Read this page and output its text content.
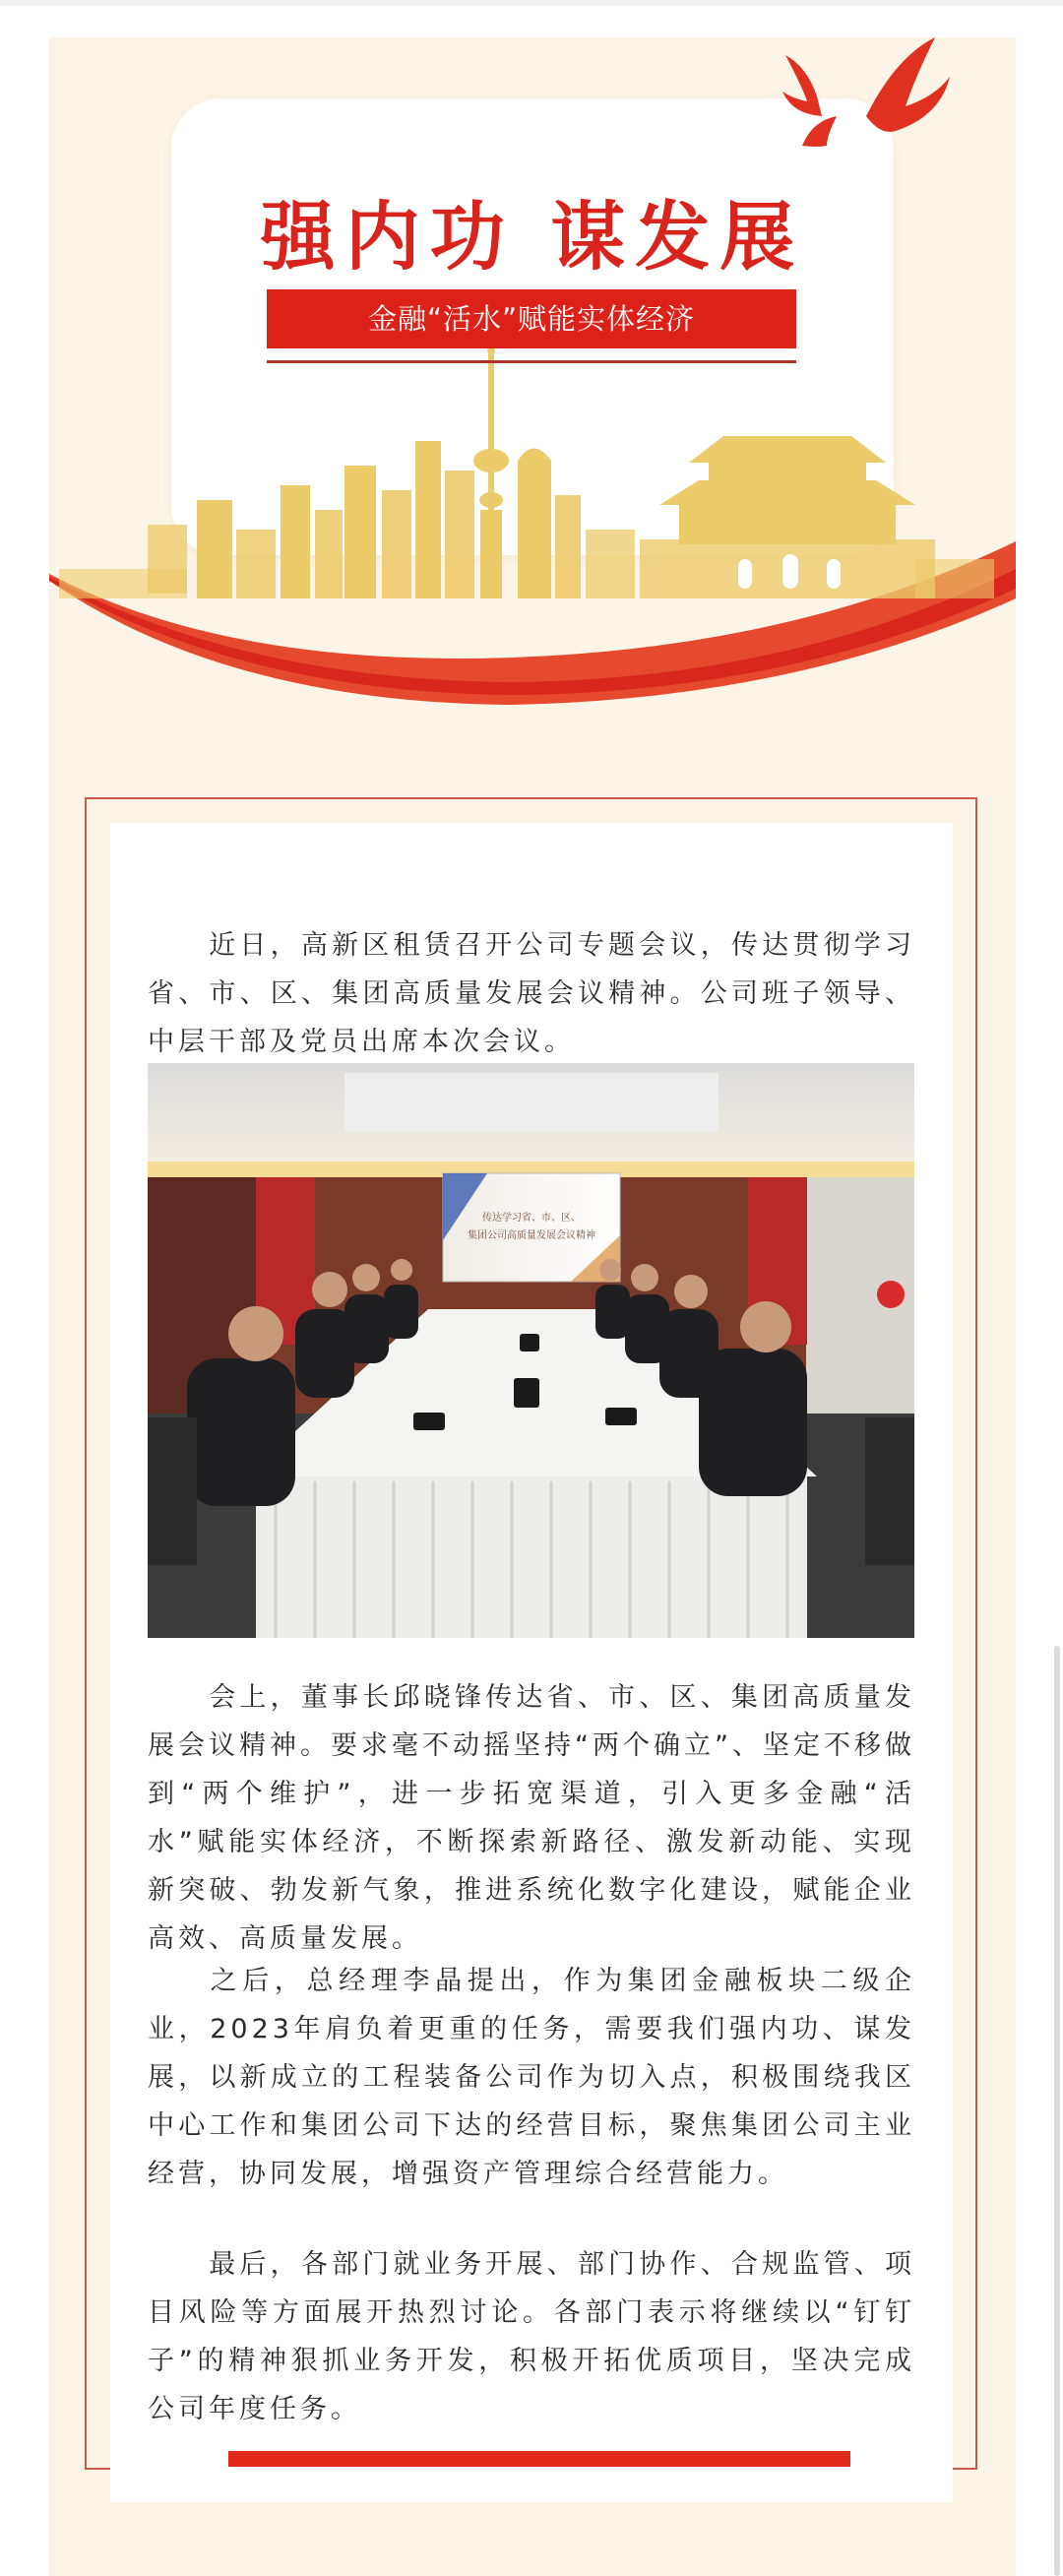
强内功 谋发展
金融“活水”赋能实体经济

近日，高新区租赁召开公司专题会议，传达贯彻学习省、市、区、集团高质量发展会议精神。公司班子领导、中层干部及党员出席本次会议。

传达学习省、市、区、
集团公司高质量发展会议精神

会上，董事长邱晓锋传达省、市、区、集团高质量发展会议精神。要求毫不动摇坚持“两个确立”、坚定不移做到“两个维护”，进一步拓宽渠道，引入更多金融“活水”赋能实体经济，不断探索新路径、激发新动能、实现新突破、勃发新气象，推进系统化数字化建设，赋能企业高效、高质量发展。

之后，总经理李晶提出，作为集团金融板块二级企业，2023年肩负着更重的任务，需要我们强内功、谋发展，以新成立的工程装备公司作为切入点，积极围绕我区中心工作和集团公司下达的经营目标，聚焦集团公司主业经营，协同发展，增强资产管理综合经营能力。

最后，各部门就业务开展、部门协作、合规监管、项目风险等方面展开热烈讨论。各部门表示将继续以“钉钉子”的精神狠抓业务开发，积极开拓优质项目，坚决完成公司年度任务。
